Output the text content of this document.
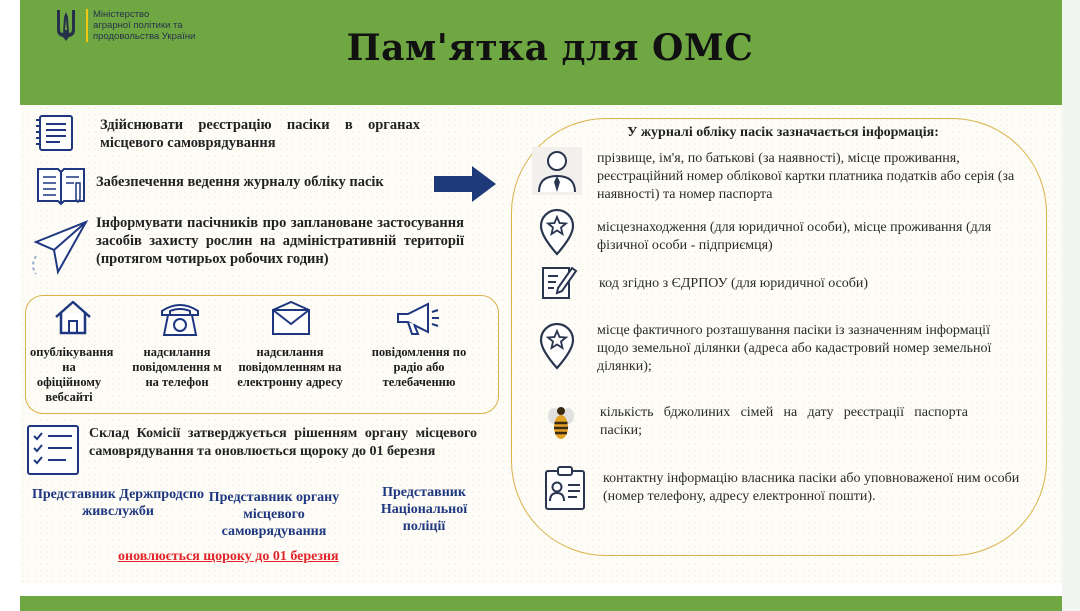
Міністерство
аграрної політики та
продовольства України	Пам'ятка для ОМС
Здійснювати реєстрацію пасіки в органах місцевого самоврядування
Забезпечення ведення журналу обліку пасік
Інформувати пасічників про заплановане застосування засобів захисту рослин на адміністративній території (протягом чотирьох робочих годин)
опублікування на офіційному вебсайті
надсилання повідомлення м на телефон
надсилання повідомленням на електронну адресу
повідомлення по радіо або телебаченню
Склад Комісії затверджується рішенням органу місцевого самоврядування та оновлюється щороку до 01 березня
Представник Держпродспоживслужби
Представник органу місцевого самоврядування
Представник Національної поліції
оновлюється щороку до 01 березня
У журналі обліку пасік зазначається інформація:
прізвище, ім'я, по батькові (за наявності), місце проживання, реєстраційний номер облікової картки платника податків або серія (за наявності) та номер паспорта
місцезнаходження (для юридичної особи), місце проживання (для фізичної особи - підприємця)
код згідно з ЄДРПОУ (для юридичної особи)
місце фактичного розташування пасіки із зазначенням інформації щодо земельної ділянки (адреса або кадастровий номер земельної ділянки);
кількість бджолиних сімей на дату реєстрації паспорта пасіки;
контактну інформацію власника пасіки або уповноваженої ним особи (номер телефону, адресу електронної пошти).
